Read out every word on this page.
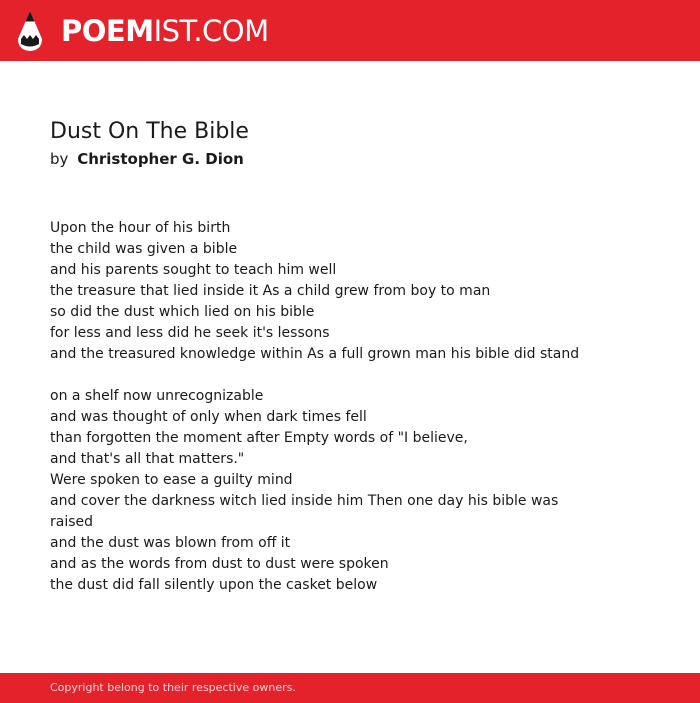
POEMIST.COM
Dust On The Bible
by Christopher G. Dion
Upon the hour of his birth
the child was given a bible
and his parents sought to teach him well
the treasure that lied inside it As a child grew from boy to man
so did the dust which lied on his bible
for less and less did he seek it's lessons
and the treasured knowledge within As a full grown man his bible did stand
on a shelf now unrecognizable
and was thought of only when dark times fell
than forgotten the moment after Empty words of "I believe,
and that's all that matters."
Were spoken to ease a guilty mind
and cover the darkness witch lied inside him Then one day his bible was
raised
and the dust was blown from off it
and as the words from dust to dust were spoken
the dust did fall silently upon the casket below
Copyright belong to their respective owners.
